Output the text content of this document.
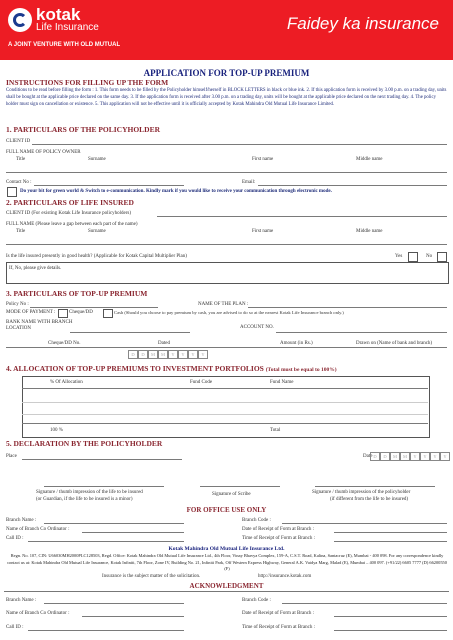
kotak
Life Insurance
A JOINT VENTURE WITH OLD MUTUAL
Faidey ka insurance
APPLICATION FOR TOP-UP PREMIUM
INSTRUCTIONS FOR FILLING UP THE FORM
Conditions to be read before filling the form : 1. This form needs to be filled by the Policyholder himself/herself in BLOCK LETTERS in black or blue ink. 2. If this application form is received by 3.00 p.m. on a trading day, units shall be bought at the applicable price declared on the same day. 3. If the application form is received after 3.00 p.m. on a trading day, units will be bought at the applicable price declared on the next trading day. 4. The policy holder must sign on cancellation or existence. 5. This application will not be effective until it is officially accepted by Kotak Mahindra Old Mutual Life Insurance Limited.
1. PARTICULARS OF THE POLICYHOLDER
CLIENT ID
FULL NAME OF POLICY OWNER
Title	Surname	First name	Middle name
Contact No :	Email:
Do your bit for green world & Switch to e-communication. Kindly mark if you would like to receive your communication through electronic mode.
2. PARTICULARS OF LIFE INSURED
CLIENT ID (For existing Kotak Life Insurance policyholders)
FULL NAME (Please leave a gap between each part of the name)
Title	Surname	First name	Middle name
Is the life insured presently in good health? (Applicable for Kotak Capital Multiplier Plan)	Yes	No
If, No, please give details.
3. PARTICULARS OF TOP-UP PREMIUM
Policy No :	NAME OF THE PLAN :
MODE OF PAYMENT :	Cheque/DD	Cash (Should you choose to pay premium by cash, you are advised to do so at the nearest Kotak Life Insurance branch only.)
BANK NAME WITH BRANCH LOCATION	ACCOUNT NO.
Cheque/DD No.	Dated	Amount (in Rs.)	Drawn on (Name of bank and branch)
D	D	M	M	Y	Y	Y	Y
4. ALLOCATION OF TOP-UP PREMIUMS TO INVESTMENT PORTFOLIOS (Total must be equal to 100%)
% Of Allocation	Fund Code	Fund Name
100 %	Total
5. DECLARATION BY THE POLICYHOLDER
Place	Date D	D	M	M	Y	Y	Y	Y
Signature / thumb impression of the life to be insured
(or Guardian, if the life to be insured is a minor)
Signature of Scribe	Signature / thumb impression of the policyholder
(if different from the life to be insured)
FOR OFFICE USE ONLY
Branch Name :	Branch Code :
Name of Branch Co Ordinator :	Date of Receipt of Form at Branch :
Call ID :	Time of Receipt of Form at Branch :
Kotak Mahindra Old Mutual Life Insurance Ltd.
Regn. No. 107, CIN: U66030MH2000PLC128503, Regd. Office: Kotak Mahindra Old Mutual Life Insurance Ltd., 4th Floor, Vinay Bhavya Complex, 159-A, C.S.T. Road, Kalina, Santacruz (E), Mumbai - 400 098. For any correspondence kindly contact us at: Kotak Mahindra Old Mutual Life Insurance, Kotak Infiniti, 7th Floor, Zone IV, Building No. 21, Infiniti Park, Off Western Express Highway, General A.K. Vaidya Marg, Malad (E), Mumbai – 400 097. (+91/22) 6605 7777 (D) 66200550 (F)
Insurance is the subject matter of the solicitation.	http://insurance.kotak.com
ACKNOWLEDGMENT
Branch Name :	Branch Code :
Name of Branch Co Ordinator :	Date of Receipt of Form at Branch :
Call ID :	Time of Receipt of Form at Branch :
